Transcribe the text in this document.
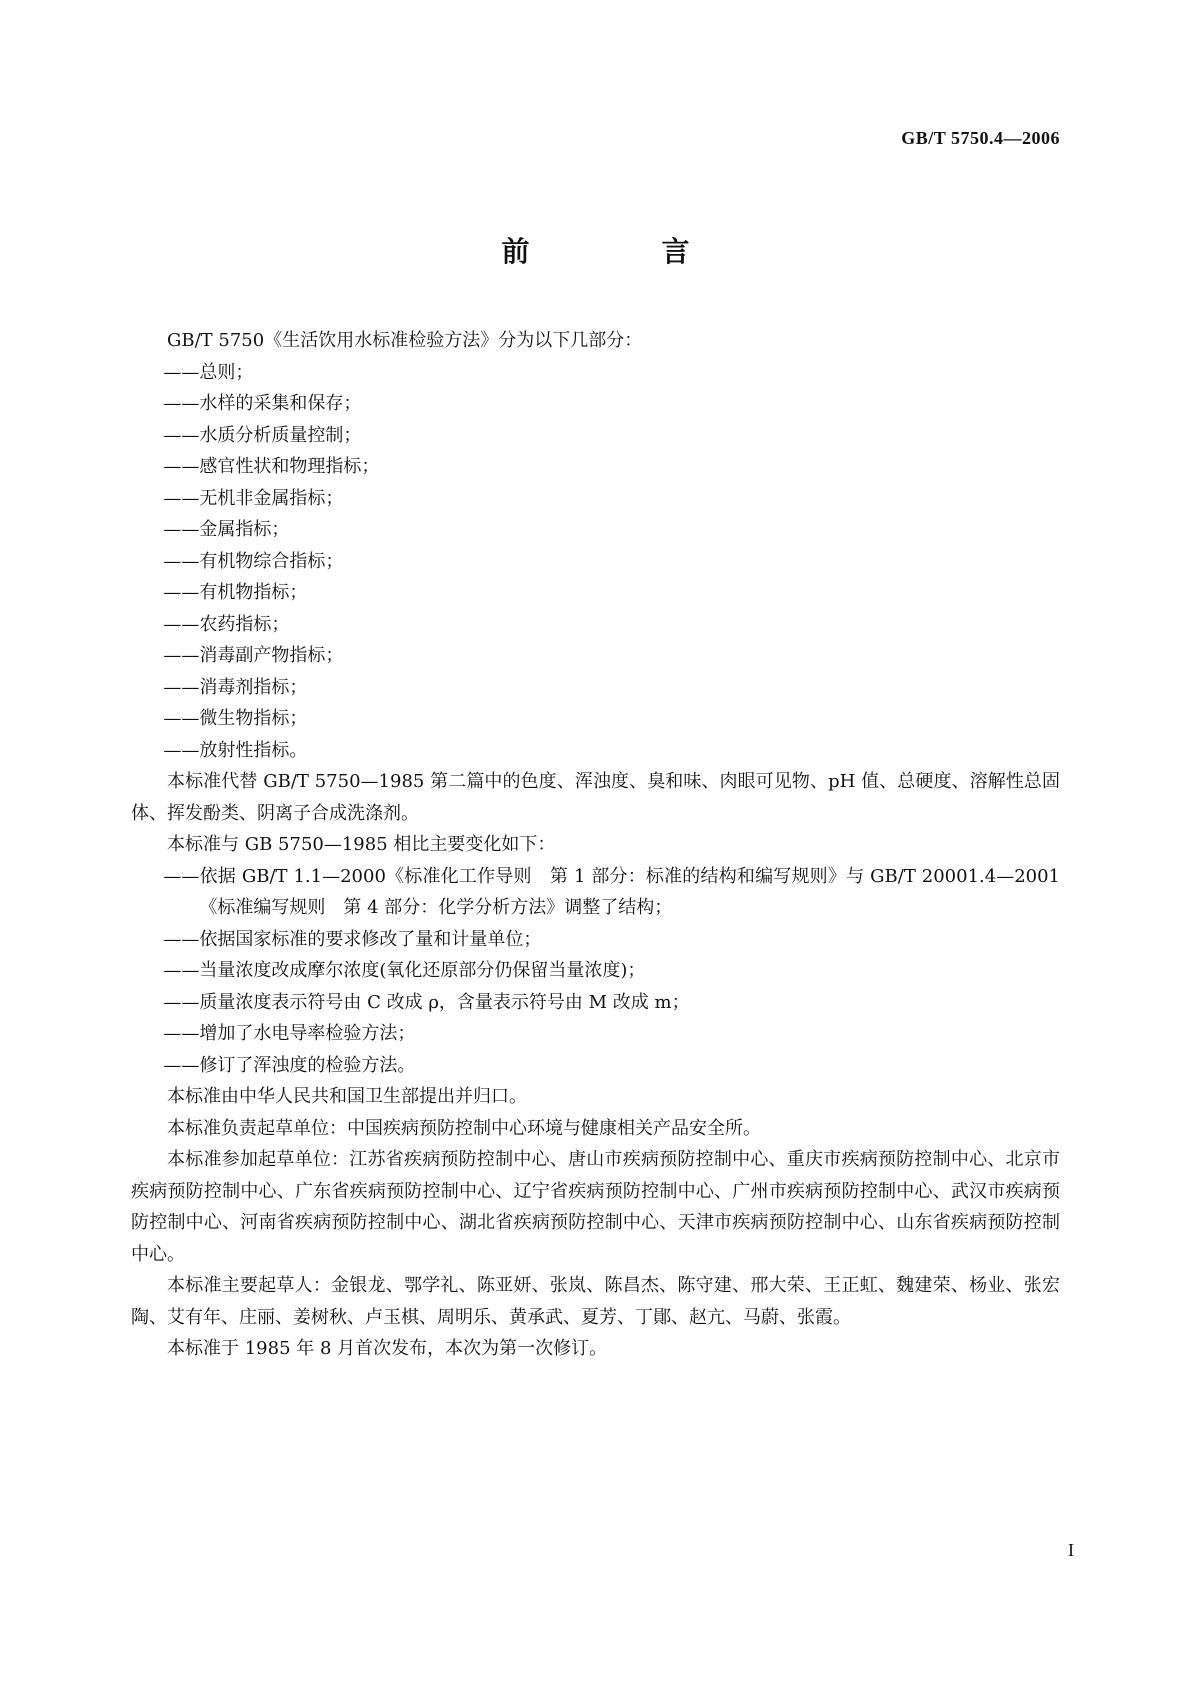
GB/T 5750.4—2006
前　言

GB/T 5750《生活饮用水标准检验方法》分为以下几部分：

——总则；
——水样的采集和保存；
——水质分析质量控制；
——感官性状和物理指标；
——无机非金属指标；
——金属指标；
——有机物综合指标；
——有机物指标；
——农药指标；
——消毒副产物指标；
——消毒剂指标；
——微生物指标；
——放射性指标。

本标准代替 GB/T 5750—1985 第二篇中的色度、浑浊度、臭和味、肉眼可见物、pH 值、总硬度、溶解性总固体、挥发酚类、阴离子合成洗涤剂。

本标准与 GB 5750—1985 相比主要变化如下：

——依据 GB/T 1.1—2000《标准化工作导则　第 1 部分：标准的结构和编写规则》与 GB/T 20001.4—2001《标准编写规则　第 4 部分：化学分析方法》调整了结构；
——依据国家标准的要求修改了量和计量单位；
——当量浓度改成摩尔浓度(氧化还原部分仍保留当量浓度)；
——质量浓度表示符号由 C 改成 ρ，含量表示符号由 M 改成 m；
——增加了水电导率检验方法；
——修订了浑浊度的检验方法。

本标准由中华人民共和国卫生部提出并归口。

本标准负责起草单位：中国疾病预防控制中心环境与健康相关产品安全所。

本标准参加起草单位：江苏省疾病预防控制中心、唐山市疾病预防控制中心、重庆市疾病预防控制中心、北京市疾病预防控制中心、广东省疾病预防控制中心、辽宁省疾病预防控制中心、广州市疾病预防控制中心、武汉市疾病预防控制中心、河南省疾病预防控制中心、湖北省疾病预防控制中心、天津市疾病预防控制中心、山东省疾病预防控制中心。

本标准主要起草人：金银龙、鄂学礼、陈亚妍、张岚、陈昌杰、陈守建、邢大荣、王正虹、魏建荣、杨业、张宏陶、艾有年、庄丽、姜树秋、卢玉棋、周明乐、黄承武、夏芳、丁鄖、赵亢、马蔚、张霞。

本标准于 1985 年 8 月首次发布，本次为第一次修订。

I
